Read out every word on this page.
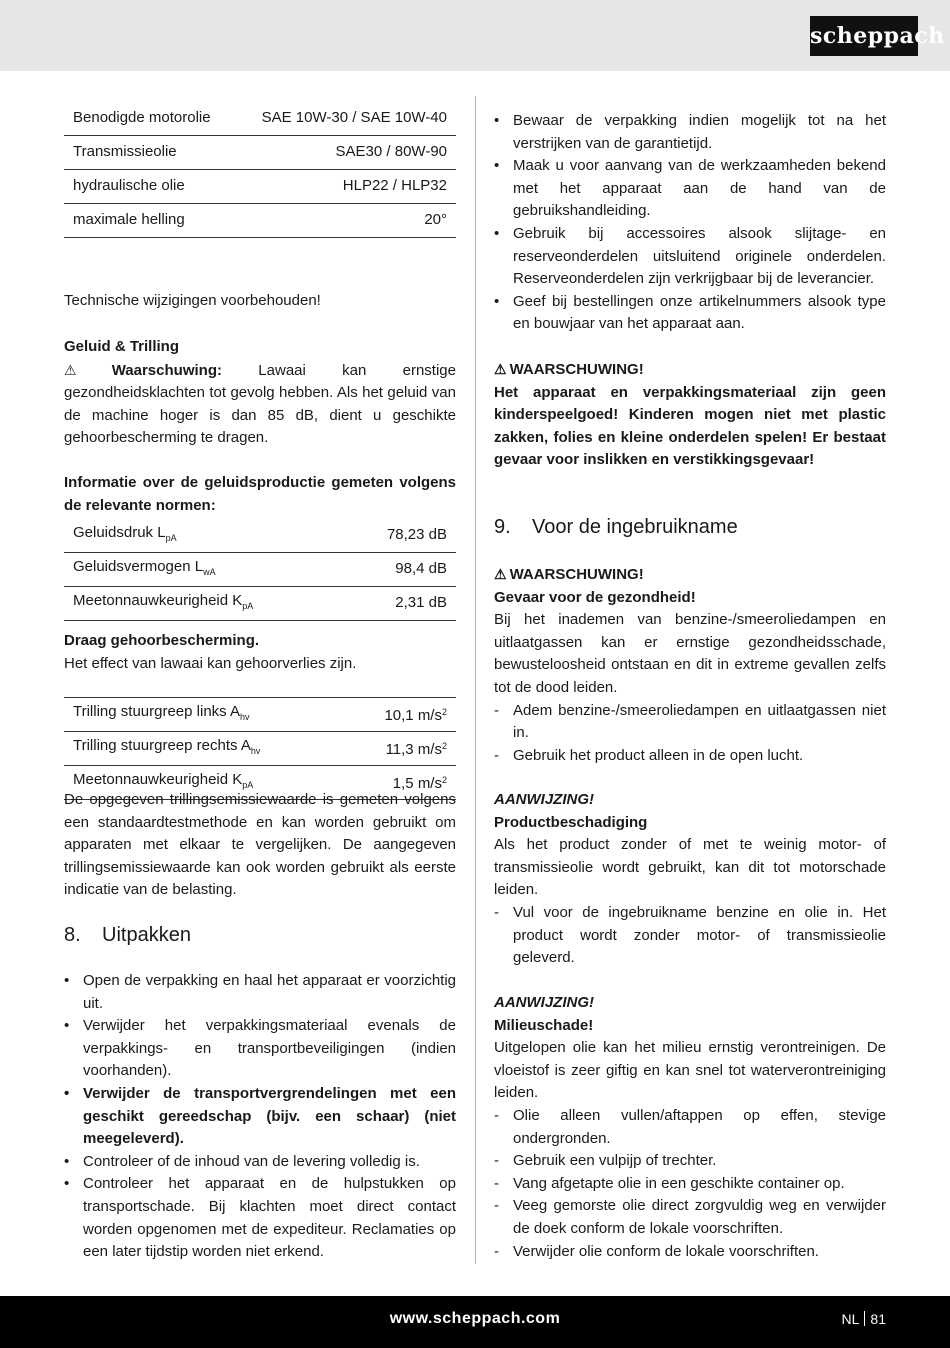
scheppach
Benodigde motorolie	SAE 10W-30 / SAE 10W-40
Transmissieolie	SAE30 / 80W-90
hydraulische olie	HLP22 / HLP32
maximale helling	20°
Technische wijzigingen voorbehouden!
Geluid & Trilling
⚠ Waarschuwing: Lawaai kan ernstige gezondheidsklachten tot gevolg hebben. Als het geluid van de machine hoger is dan 85 dB, dient u geschikte gehoorbescherming te dragen.
Informatie over de geluidsproductie gemeten volgens de relevante normen:
Geluidsdruk $L_{pA}$	78,23 dB
Geluidsvermogen $L_{wA}$	98,4 dB
Meetonnauwkeurigheid $K_{pA}$	2,31 dB
Draag gehoorbescherming.
Het effect van lawaai kan gehoorverlies zijn.
Trilling stuurgreep links $A_{hv}$	10,1 $m/s^2$
Trilling stuurgreep rechts $A_{hv}$	11,3 $m/s^2$
Meetonnauwkeurigheid $K_{pA}$	1,5 $m/s^2$
De opgegeven trillingsemissiewaarde is gemeten volgens een standaardtestmethode en kan worden gebruikt om apparaten met elkaar te vergelijken. De aangegeven trillingsemissiewaarde kan ook worden gebruikt als eerste indicatie van de belasting.
8. Uitpakken
• Open de verpakking en haal het apparaat er voorzichtig uit.
• Verwijder het verpakkingsmateriaal evenals de verpakkings- en transportbeveiligingen (indien voorhanden).
• Verwijder de transportvergrendelingen met een geschikt gereedschap (bijv. een schaar) (niet meegeleverd).
• Controleer of de inhoud van de levering volledig is.
• Controleer het apparaat en de hulpstukken op transportschade. Bij klachten moet direct contact worden opgenomen met de expediteur. Reclamaties op een later tijdstip worden niet erkend.
• Bewaar de verpakking indien mogelijk tot na het verstrijken van de garantietijd.
• Maak u voor aanvang van de werkzaamheden bekend met het apparaat aan de hand van de gebruikshandleiding.
• Gebruik bij accessoires alsook slijtage- en reserveonderdelen uitsluitend originele onderdelen. Reserveonderdelen zijn verkrijgbaar bij de leverancier.
• Geef bij bestellingen onze artikelnummers alsook type en bouwjaar van het apparaat aan.
⚠ WAARSCHUWING!
Het apparaat en verpakkingsmateriaal zijn geen kinderspeelgoed! Kinderen mogen niet met plastic zakken, folies en kleine onderdelen spelen! Er bestaat gevaar voor inslikken en verstikkingsgevaar!
9. Voor de ingebruikname
⚠ WAARSCHUWING!
Gevaar voor de gezondheid!
Bij het inademen van benzine-/smeeroliedampen en uitlaatgassen kan er ernstige gezondheidsschade, bewusteloosheid ontstaan en dit in extreme gevallen zelfs tot de dood leiden.
- Adem benzine-/smeeroliedampen en uitlaatgassen niet in.
- Gebruik het product alleen in de open lucht.
AANWIJZING!
Productbeschadiging
Als het product zonder of met te weinig motor- of transmissieolie wordt gebruikt, kan dit tot motorschade leiden.
- Vul voor de ingebruikname benzine en olie in. Het product wordt zonder motor- of transmissieolie geleverd.
AANWIJZING!
Milieuschade!
Uitgelopen olie kan het milieu ernstig verontreinigen. De vloeistof is zeer giftig en kan snel tot waterverontreiniging leiden.
- Olie alleen vullen/aftappen op effen, stevige ondergronden.
- Gebruik een vulpijp of trechter.
- Vang afgetapte olie in een geschikte container op.
- Veeg gemorste olie direct zorgvuldig weg en verwijder de doek conform de lokale voorschriften.
- Verwijder olie conform de lokale voorschriften.
www.scheppach.com	NL 81
